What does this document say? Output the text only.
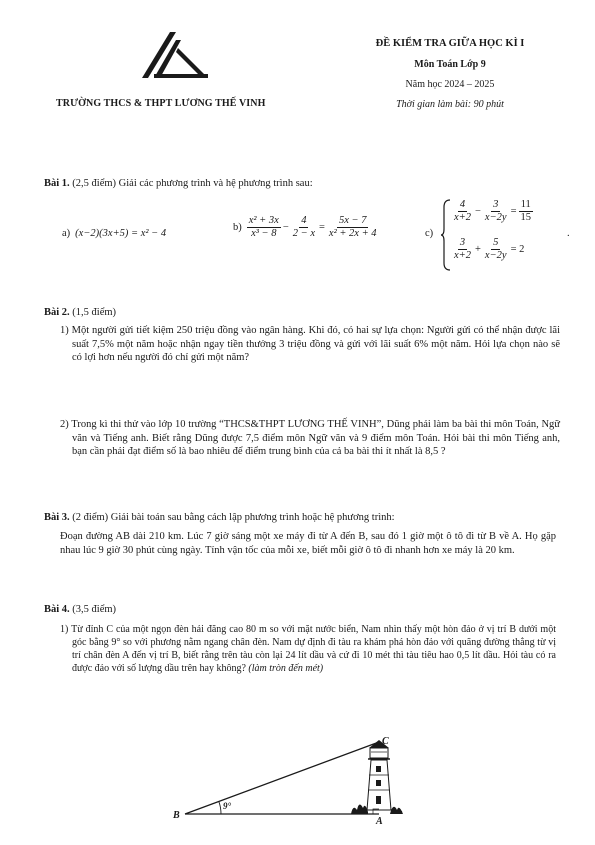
TRƯỜNG THCS & THPT LƯƠNG THẾ VINH
ĐỀ KIỂM TRA GIỮA HỌC KÌ I
Môn Toán Lớp 9
Năm học 2024 – 2025
Thời gian làm bài: 90 phút
Bài 1. (2,5 điểm) Giải các phương trình và hệ phương trình sau:
a) (x−2)(3x+5) = x² − 4
$b) \frac{\text{x² + 3x}}{\text{x³ − 8}} - \frac{4}{2 - x} = \frac{5x - 7}{\text{x² + 2x + 4}}$	c)
$\frac{4}{x+2} - \frac{3}{x-2y} = \frac{11}{15}$
$\frac{3}{x+2} + \frac{5}{x-2y} = 2$
.
Bài 2. (1,5 điểm)
1) Một người gửi tiết kiệm 250 triệu đồng vào ngân hàng. Khi đó, có hai sự lựa chọn: Người gửi có thể nhận được lãi suất 7,5% một năm hoặc nhận ngay tiền thưởng 3 triệu đồng và gửi với lãi suất 6% một năm. Hỏi lựa chọn nào sẽ có lợi hơn nếu người đó chỉ gửi một năm?
2) Trong kì thi thử vào lớp 10 trường “THCS&THPT LƯƠNG THẾ VINH”, Dũng phải làm ba bài thi môn Toán, Ngữ văn và Tiếng anh. Biết rằng Dũng được 7,5 điểm môn Ngữ văn và 9 điểm môn Toán. Hỏi bài thi môn Tiếng anh, bạn cần phải đạt điểm số là bao nhiêu để điểm trung bình của cả ba bài thi ít nhất là 8,5 ?
Bài 3. (2 điểm) Giải bài toán sau bằng cách lập phương trình hoặc hệ phương trình:
Đoạn đường AB dài 210 km. Lúc 7 giờ sáng một xe máy đi từ A đến B, sau đó 1 giờ một ô tô đi từ B về A. Họ gặp nhau lúc 9 giờ 30 phút cùng ngày. Tính vận tốc của mỗi xe, biết mỗi giờ ô tô đi nhanh hơn xe máy là 20 km.
Bài 4. (3,5 điểm)
1) Từ đỉnh C của một ngọn đèn hải đăng cao 80 m so với mặt nước biển, Nam nhìn thấy một hòn đảo ở vị trí B dưới một góc bằng 9° so với phương nằm ngang chân đèn. Nam dự định đi tàu ra khám phá hòn đảo với quãng đường thẳng từ vị trí chân đèn A đến vị trí B, biết rằng trên tàu còn lại 24 lít dầu và cứ đi 10 mét thì tàu tiêu hao 0,5 lít dầu. Hỏi tàu có ra được đảo với số lượng dầu trên hay không? (làm tròn đến mét)
B
A
C
9°
